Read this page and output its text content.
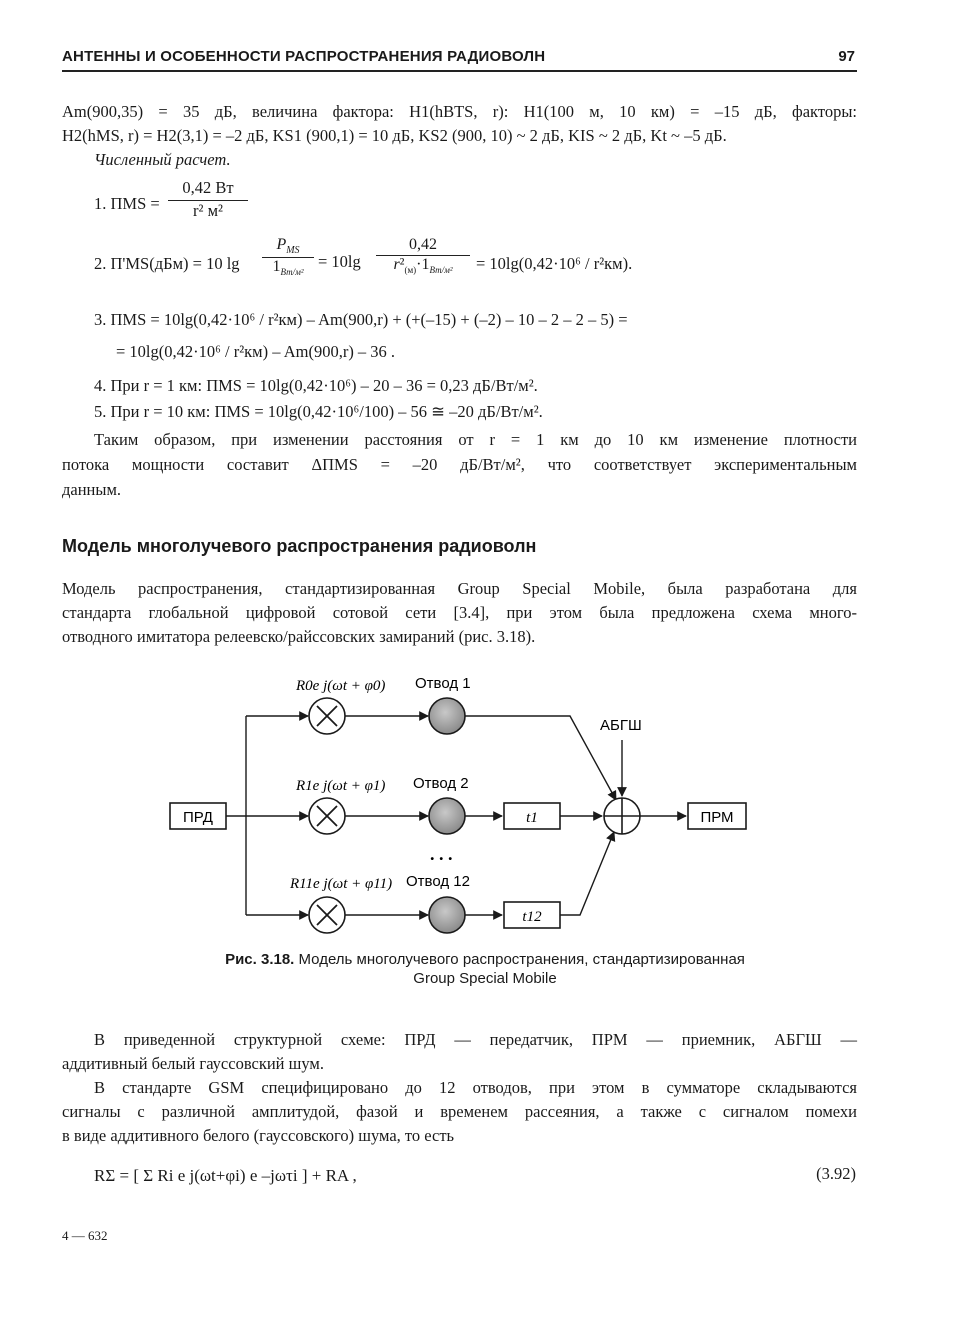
АНТЕННЫ И ОСОБЕННОСТИ РАСПРОСТРАНЕНИЯ РАДИОВОЛН	97
Am(900,35) = 35 дБ, величина фактора: H1(hBTS, r): H1(100 м, 10 км) = –15 дБ, факторы:
H2(hMS, r) = H2(3,1) = –2 дБ, KS1 (900,1) = 10 дБ, KS2 (900, 10) ~ 2 дБ, KIS ~ 2 дБ, Kt ~ –5 дБ.
Численный расчет.
1. ПMS =
0,42 Вт
r² м²
2. П'MS(дБм) = 10 lg
$P_{MS}$
$1_{Вт/м^2}$
= 10lg
0,42
$r^2_{(м)}\cdot 1_{Вт/м^2}$	= 10lg(0,42·10⁶ / r²км).
3. ПMS = 10lg(0,42·10⁶ / r²км) – Am(900,r) + (+(–15) + (–2) – 10 – 2 – 2 – 5) =
= 10lg(0,42·10⁶ / r²км) – Am(900,r) – 36 .
4. При r = 1 км: ПMS = 10lg(0,42·10⁶) – 20 – 36 = 0,23 дБ/Вт/м².
5. При r = 10 км: ПMS = 10lg(0,42·10⁶/100) – 56 ≅ –20 дБ/Вт/м².
Таким образом, при изменении расстояния от r = 1 км до 10 км изменение плотности
потока мощности составит ΔПMS = –20 дБ/Вт/м², что соответствует экспериментальным
данным.
Модель многолучевого распространения радиоволн
Модель распространения, стандартизированная Group Special Mobile, была разработана для
стандарта глобальной цифровой сотовой сети [3.4], при этом была предложена схема много-
отводного имитатора релеевско/райссовских замираний (рис. 3.18).
ПРД
R0e j(ωt + φ0)
R1e j(ωt + φ1)
R11e j(ωt + φ11)
Отвод 1
Отвод 2
Отвод 12
. . .
t1
t12
АБГШ
ПРМ
Рис. 3.18. Модель многолучевого распространения, стандартизированная
Group Special Mobile
В приведенной структурной схеме: ПРД — передатчик, ПРМ — приемник, АБГШ —
аддитивный белый гауссовский шум.
В стандарте GSM специфицировано до 12 отводов, при этом в сумматоре складываются
сигналы с различной амплитудой, фазой и временем рассеяния, а также с сигналом помехи
в виде аддитивного белого (гауссовского) шума, то есть
RΣ = [ Σ Ri e j(ωt+φi) e –jωτi ] + RA ,	(3.92)
4 — 632
